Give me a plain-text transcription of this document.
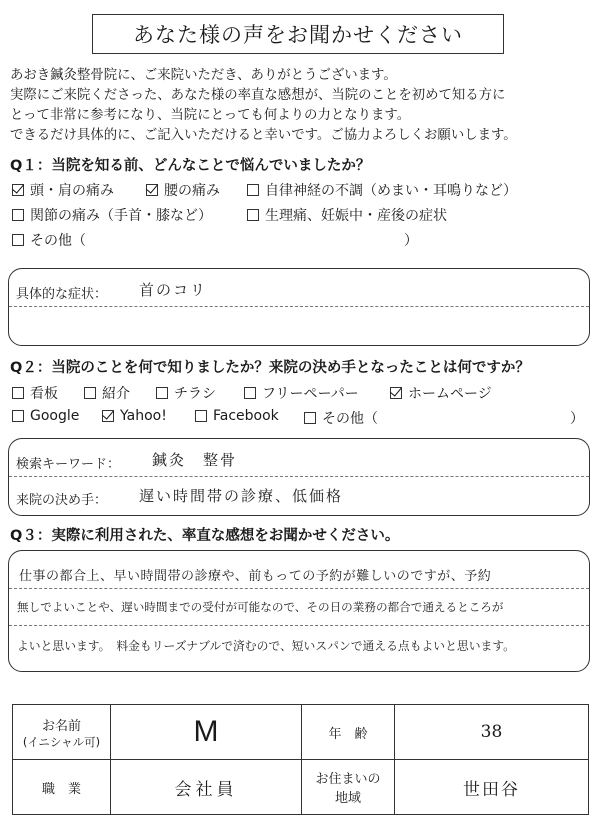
あなた様の声をお聞かせください
あおき鍼灸整骨院に、ご来院いただき、ありがとうございます。
実際にご来院くださった、あなた様の率直な感想が、当院のことを初めて知る方に
とって非常に参考になり、当院にとっても何よりの力となります。
できるだけ具体的に、ご記入いただけると幸いです。ご協力よろしくお願いします。
Q１：当院を知る前、どんなことで悩んでいましたか？
頭・肩の痛み	腰の痛み	自律神経の不調（めまい・耳鳴りなど）
関節の痛み（手首・膝など）	生理痛、妊娠中・産後の症状
その他（	）
具体的な症状： 首のコリ
Q２：当院のことを何で知りましたか？来院の決め手となったことは何ですか？
看板	紹介	チラシ	フリーペーパー	ホームページ
Google	Yahoo!	Facebook	その他（	）
検索キーワード： 鍼灸　整骨
来院の決め手： 遅い時間帯の診療、低価格
Q３：実際に利用された、率直な感想をお聞かせください。
仕事の都合上、早い時間帯の診療や、前もっての予約が難しいのですが、予約
無しでよいことや、遅い時間までの受付が可能なので、その日の業務の都合で通えるところが
よいと思います。　料金もリーズナブルで済むので、短いスパンで通える点もよいと思います。
お名前
(イニシャル可)	M	年　齢	38
職　業	会社員	お住まいの
地域	世田谷
